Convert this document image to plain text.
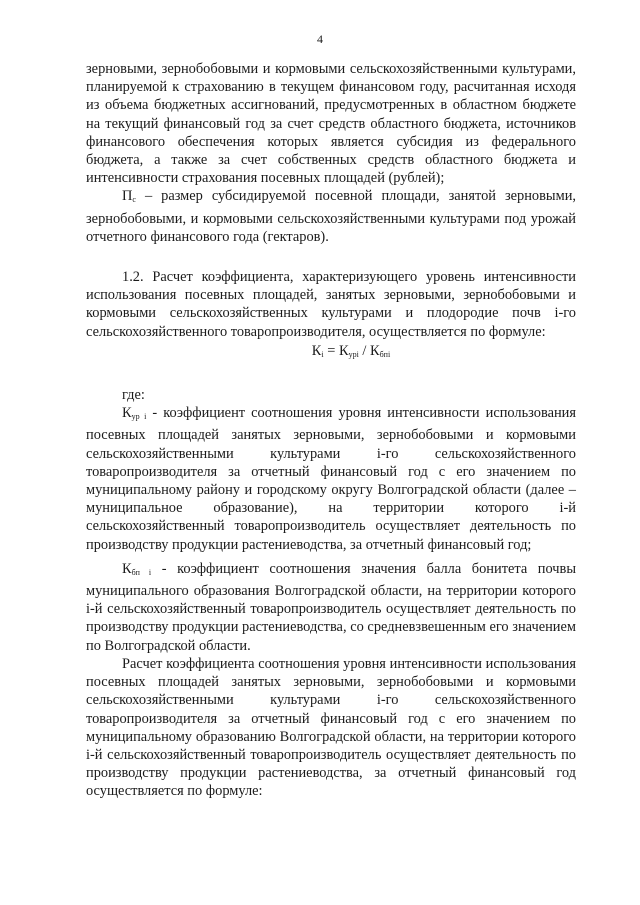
4

зерновыми, зернобобовыми и кормовыми сельскохозяйственными культурами, планируемой к страхованию в текущем финансовом году, расчитанная исходя из объема бюджетных ассигнований, предусмотренных в областном бюджете на текущий финансовый год за счет средств областного бюджета, источников финансового обеспечения которых является субсидия из федерального бюджета, а также за счет собственных средств областного бюджета и интенсивности страхования посевных площадей (рублей);

$П_с$ – размер субсидируемой посевной площади, занятой зерновыми, зернобобовыми, и кормовыми сельскохозяйственными культурами под урожай отчетного финансового года (гектаров).

1.2. Расчет коэффициента, характеризующего уровень интенсивности использования посевных площадей, занятых зерновыми, зернобобовыми и кормовыми сельскохозяйственных культурами и плодородие почв i-го сельскохозяйственного товаропроизводителя, осуществляется по формуле:

$К_i = К_{урi} / К_{бпi}$

где:

$К_{ур i}$ - коэффициент соотношения уровня интенсивности использования посевных площадей занятых зерновыми, зернобобовыми и кормовыми сельскохозяйственными культурами i-го сельскохозяйственного товаропроизводителя за отчетный финансовый год с его значением по муниципальному району и городскому округу Волгоградской области (далее – муниципальное образование), на территории которого i-й сельскохозяйственный товаропроизводитель осуществляет деятельность по производству продукции растениеводства, за отчетный финансовый год;

$К_{бп i}$ - коэффициент соотношения значения балла бонитета почвы муниципального образования Волгоградской области, на территории которого i-й сельскохозяйственный товаропроизводитель осуществляет деятельность по производству продукции растениеводства, со средневзвешенным его значением по Волгоградской области.

Расчет коэффициента соотношения уровня интенсивности использования посевных площадей занятых зерновыми, зернобобовыми и кормовыми сельскохозяйственными культурами i-го сельскохозяйственного товаропроизводителя за отчетный финансовый год с его значением по муниципальному образованию Волгоградской области, на территории которого i-й сельскохозяйственный товаропроизводитель осуществляет деятельность по производству продукции растениеводства, за отчетный финансовый год осуществляется по формуле:
